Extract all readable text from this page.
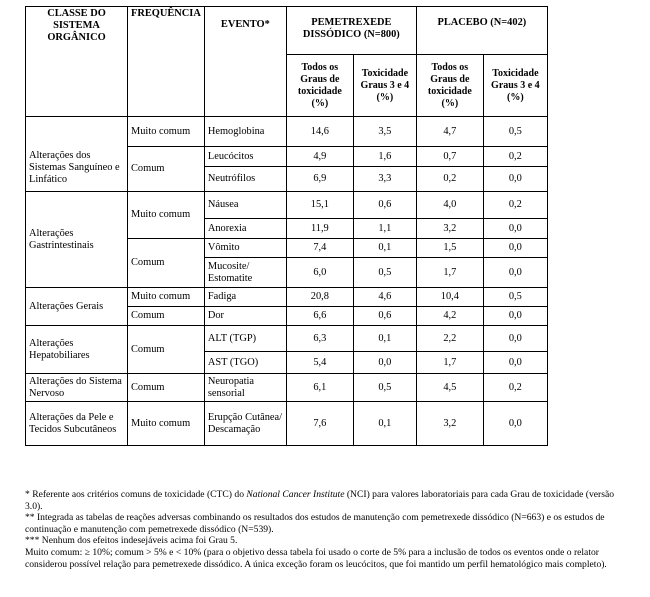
CLASSE DO SISTEMA ORGÂNICO	FREQUÊNCIA	EVENTO*	PEMETREXEDE DISSÓDICO (N=800)		PLACEBO (N=402)	
			Todos os Graus de toxicidade (%)	Toxicidade Graus 3 e 4 (%)	Todos os Graus de toxicidade (%)	Toxicidade Graus 3 e 4 (%)
Alterações dos Sistemas Sanguíneo e Linfático	Muito comum	Hemoglobina	14,6	3,5	4,7	0,5
	Comum	Leucócitos	4,9	1,6	0,7	0,2
		Neutrófilos	6,9	3,3	0,2	0,0
Alterações Gastrintestinais	Muito comum	Náusea	15,1	0,6	4,0	0,2
		Anorexia	11,9	1,1	3,2	0,0
	Comum	Vômito	7,4	0,1	1,5	0,0
		Mucosite/ Estomatite	6,0	0,5	1,7	0,0
Alterações Gerais	Muito comum	Fadiga	20,8	4,6	10,4	0,5
	Comum	Dor	6,6	0,6	4,2	0,0
Alterações Hepatobiliares	Comum	ALT (TGP)	6,3	0,1	2,2	0,0
		AST (TGO)	5,4	0,0	1,7	0,0
Alterações do Sistema Nervoso	Comum	Neuropatia sensorial	6,1	0,5	4,5	0,2
Alterações da Pele e Tecidos Subcutâneos	Muito comum	Erupção Cutânea/ Descamação	7,6	0,1	3,2	0,0

* Referente aos critérios comuns de toxicidade (CTC) do National Cancer Institute (NCI) para valores laboratoriais para cada Grau de toxicidade (versão 3.0).

** Integrada as tabelas de reações adversas combinando os resultados dos estudos de manutenção com pemetrexede dissódico (N=663) e os estudos de continuação e manutenção com pemetrexede dissódico (N=539).

*** Nenhum dos efeitos indesejáveis acima foi Grau 5.

Muito comum: ≥ 10%; comum > 5% e < 10% (para o objetivo dessa tabela foi usado o corte de 5% para a inclusão de todos os eventos onde o relator considerou possível relação para pemetrexede dissódico. A única exceção foram os leucócitos, que foi mantido um perfil hematológico mais completo).
